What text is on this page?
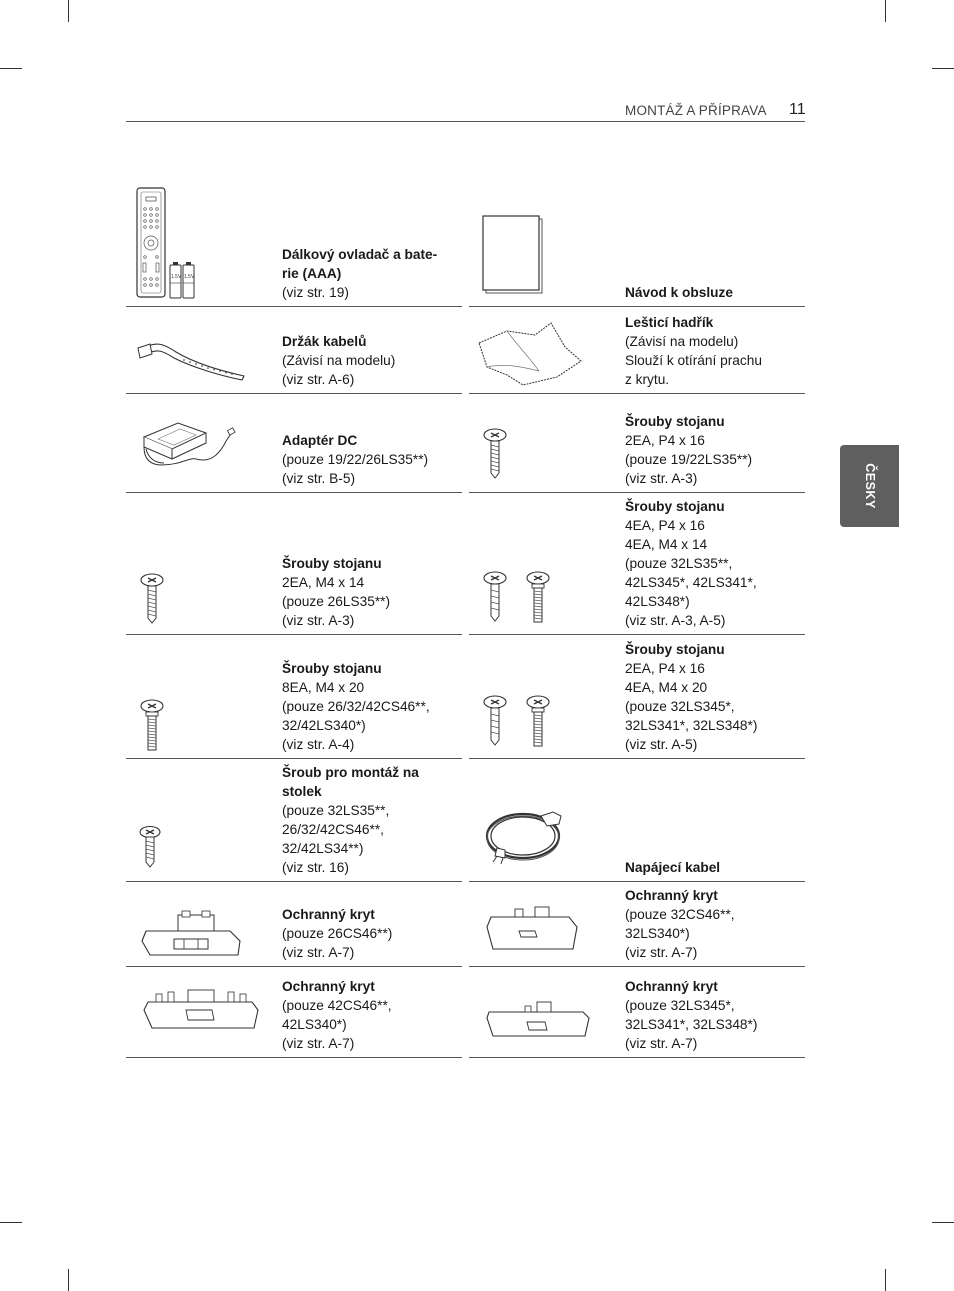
MONTÁŽ A PŘÍPRAVA 11
ČESKY
1.5V 1.5V
Dálkový ovladač a bate-
rie (AAA)
(viz str. 19)	Návod k obsluze
Držák kabelů
(Závisí na modelu)
(viz str. A-6)
Lešticí hadřík
(Závisí na modelu)
Slouží k otírání prachu
z krytu.
Adaptér DC
(pouze 19/22/26LS35**)
(viz str. B-5)
Šrouby stojanu
2EA, P4 x 16
(pouze 19/22LS35**)
(viz str. A-3)
Šrouby stojanu
2EA, M4 x 14
(pouze 26LS35**)
(viz str. A-3)
Šrouby stojanu
4EA, P4 x 16
4EA, M4 x 14
(pouze 32LS35**,
42LS345*, 42LS341*,
42LS348*)
(viz str. A-3, A-5)
Šrouby stojanu
8EA, M4 x 20
(pouze 26/32/42CS46**,
32/42LS340*)
(viz str. A-4)
Šrouby stojanu
2EA, P4 x 16
4EA, M4 x 20
(pouze 32LS345*,
32LS341*, 32LS348*)
(viz str. A-5)
Šroub pro montáž na
stolek
(pouze 32LS35**,
26/32/42CS46**,
32/42LS34**)
(viz str. 16)	Napájecí kabel
Ochranný kryt
(pouze 26CS46**)
(viz str. A-7)
Ochranný kryt
(pouze 32CS46**,
32LS340*)
(viz str. A-7)
Ochranný kryt
(pouze 42CS46**,
42LS340*)
(viz str. A-7)
Ochranný kryt
(pouze 32LS345*,
32LS341*, 32LS348*)
(viz str. A-7)
